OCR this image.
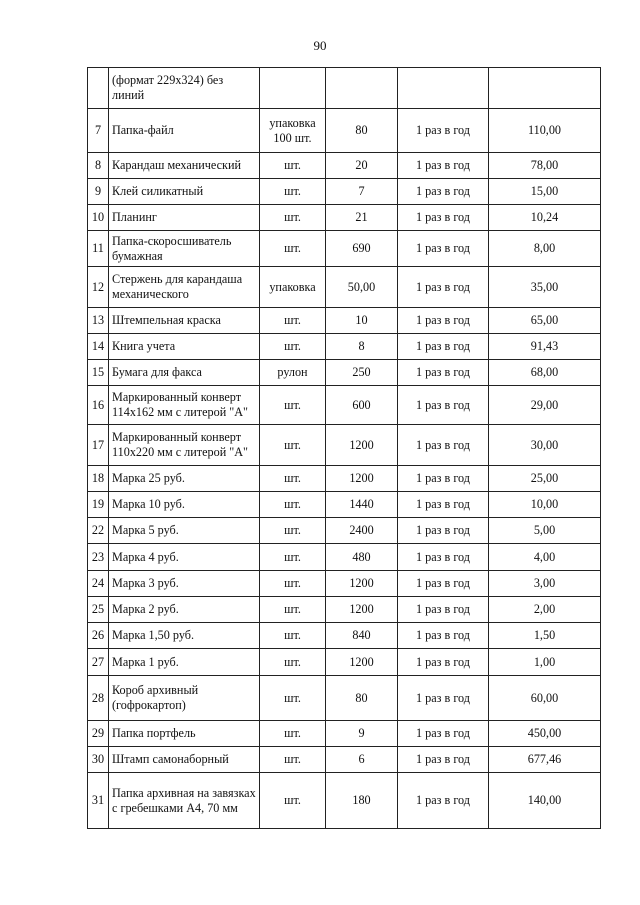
90
	(формат 229х324) без линий				
7	Папка-файл	упаковка 100 шт.	80	1 раз в год	110,00
8	Карандаш механический	шт.	20	1 раз в год	78,00
9	Клей силикатный	шт.	7	1 раз в год	15,00
10	Планинг	шт.	21	1 раз в год	10,24
11	Папка-скоросшиватель бумажная	шт.	690	1 раз в год	8,00
12	Стержень для карандаша механического	упаковка	50,00	1 раз в год	35,00
13	Штемпельная краска	шт.	10	1 раз в год	65,00
14	Книга учета	шт.	8	1 раз в год	91,43
15	Бумага для факса	рулон	250	1 раз в год	68,00
16	Маркированный конверт 114х162 мм с литерой "А"	шт.	600	1 раз в год	29,00
17	Маркированный конверт 110х220 мм с литерой "А"	шт.	1200	1 раз в год	30,00
18	Марка 25 руб.	шт.	1200	1 раз в год	25,00
19	Марка 10 руб.	шт.	1440	1 раз в год	10,00
22	Марка 5 руб.	шт.	2400	1 раз в год	5,00
23	Марка 4 руб.	шт.	480	1 раз в год	4,00
24	Марка 3 руб.	шт.	1200	1 раз в год	3,00
25	Марка 2 руб.	шт.	1200	1 раз в год	2,00
26	Марка 1,50 руб.	шт.	840	1 раз в год	1,50
27	Марка 1 руб.	шт.	1200	1 раз в год	1,00
28	Короб архивный (гофрокартоп)	шт.	80	1 раз в год	60,00
29	Папка портфель	шт.	9	1 раз в год	450,00
30	Штамп самонаборный	шт.	6	1 раз в год	677,46
31	Папка архивная на завязках с гребешками А4, 70 мм	шт.	180	1 раз в год	140,00
